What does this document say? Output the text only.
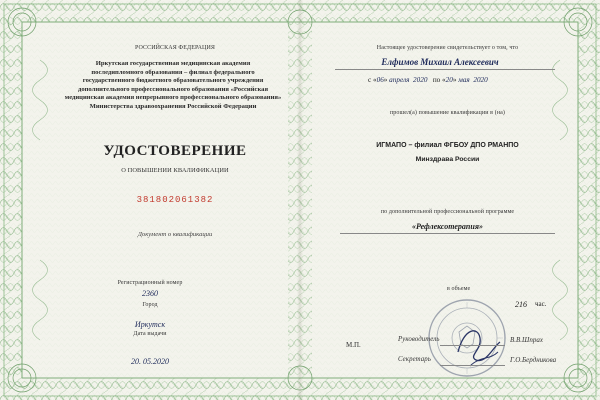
РОССИЙСКАЯ ФЕДЕРАЦИЯ
Иркутская государственная медицинская академия
последипломного образования – филиал федерального
государственного бюджетного образовательного учреждения
дополнительного профессионального образования «Российская
медицинская академия непрерывного профессионального образования»
Министерства здравоохранения Российской Федерации
УДОСТОВЕРЕНИЕ
О ПОВЫШЕНИИ КВАЛИФИКАЦИИ
381802061382
Документ о квалификации
Регистрационный номер
2360
Город
Иркутск
Дата выдачи
20. 05.2020
Настоящее удостоверение свидетельствует о том, что
Елфимов Михаил Алексеевич
с «06» апреля 2020 по «20» мая 2020
прошел(а) повышение квалификации в (на)
ИГМАПО – филиал ФГБОУ ДПО РМАНПО
Минздрава России
по дополнительной профессиональной программе
«Рефлексотерапия»
в объеме
216 час.
М.П.
Руководитель	В.В.Шпрах
Секретарь	Г.О.Бердникова
